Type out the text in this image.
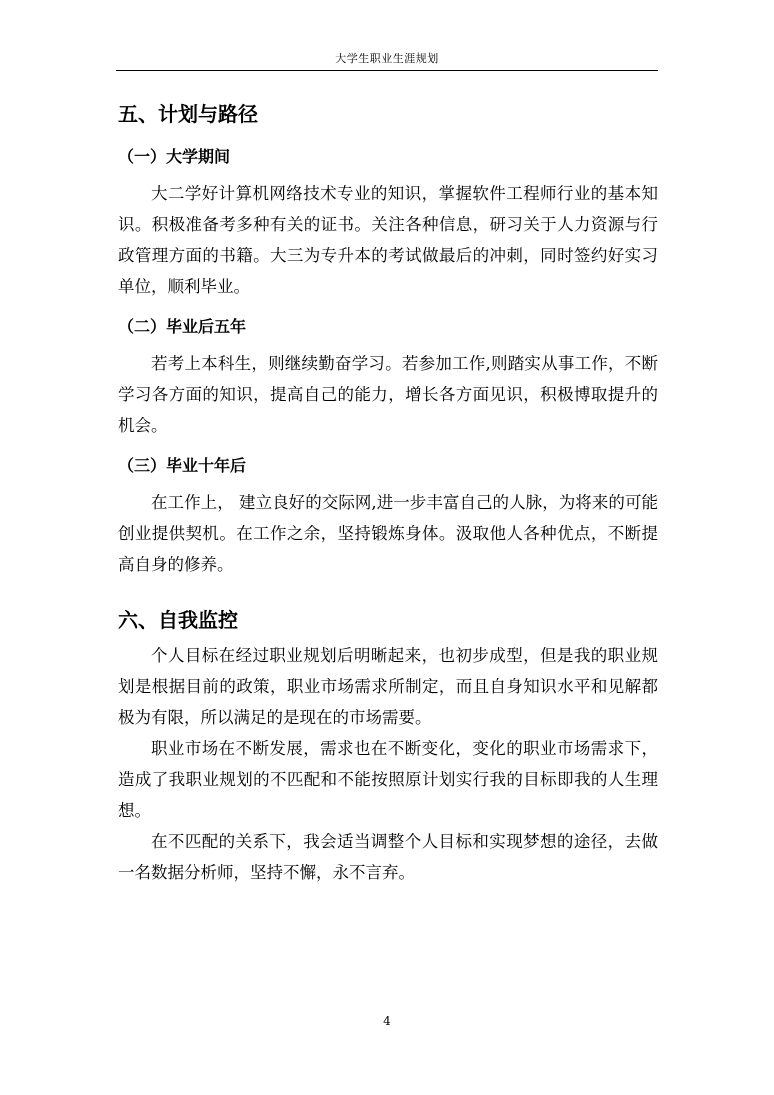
大学生职业生涯规划
五、计划与路径
（一）大学期间

大二学好计算机网络技术专业的知识，掌握软件工程师行业的基本知识。积极准备考多种有关的证书。关注各种信息，研习关于人力资源与行政管理方面的书籍。大三为专升本的考试做最后的冲刺，同时签约好实习单位，顺利毕业。

（二）毕业后五年

若考上本科生，则继续勤奋学习。若参加工作,则踏实从事工作，不断学习各方面的知识，提高自己的能力，增长各方面见识，积极博取提升的机会。

（三）毕业十年后

在工作上， 建立良好的交际网,进一步丰富自己的人脉，为将来的可能创业提供契机。在工作之余，坚持锻炼身体。汲取他人各种优点，不断提高自身的修养。

六、自我监控

个人目标在经过职业规划后明晰起来，也初步成型，但是我的职业规划是根据目前的政策，职业市场需求所制定，而且自身知识水平和见解都极为有限，所以满足的是现在的市场需要。

职业市场在不断发展，需求也在不断变化，变化的职业市场需求下，造成了我职业规划的不匹配和不能按照原计划实行我的目标即我的人生理想。

在不匹配的关系下，我会适当调整个人目标和实现梦想的途径，去做一名数据分析师，坚持不懈，永不言弃。

4
